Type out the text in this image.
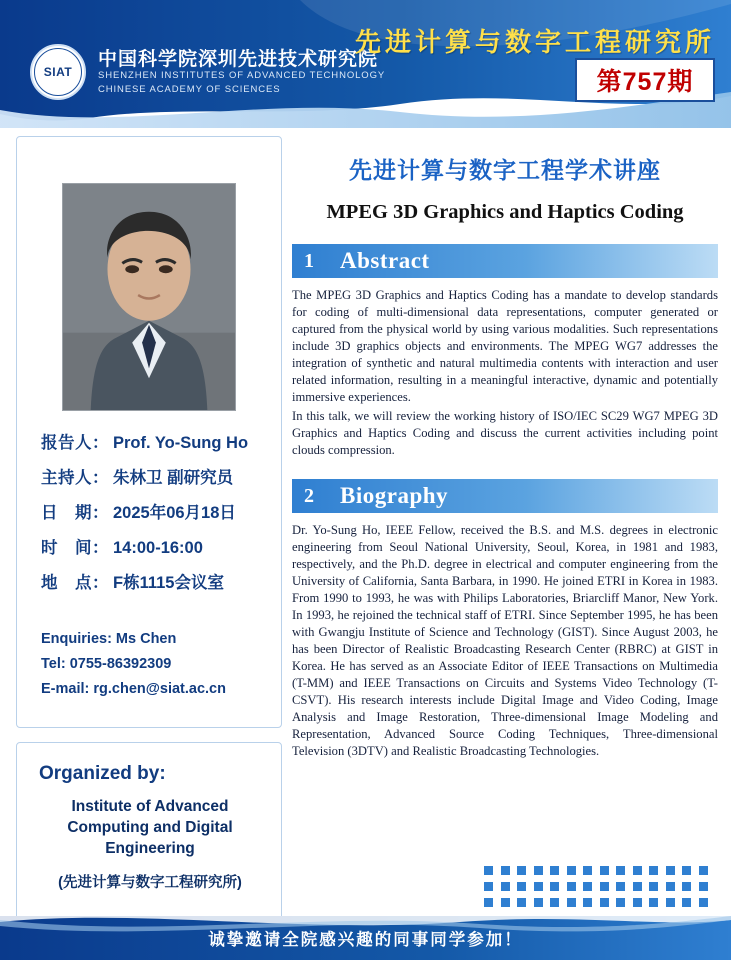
SIAT
中国科学院深圳先进技术研究院
SHENZHEN INSTITUTES OF ADVANCED TECHNOLOGY
CHINESE ACADEMY OF SCIENCES
先进计算与数字工程研究所
第757期
报告人： Prof. Yo-Sung Ho
主持人： 朱林卫 副研究员
日　期： 2025年06月18日
时　间： 14:00-16:00
地　点： F栋1115会议室
Enquiries: Ms Chen
Tel: 0755-86392309
E-mail: rg.chen@siat.ac.cn
Organized by:
Institute of Advanced Computing and Digital Engineering
(先进计算与数字工程研究所)
先进计算与数字工程学术讲座
MPEG 3D Graphics and Haptics Coding
1	Abstract

The MPEG 3D Graphics and Haptics Coding has a mandate to develop standards for coding of multi-dimensional data representations, computer generated or captured from the physical world by using various modalities. Such representations include 3D graphics objects and environments. The MPEG WG7 addresses the integration of synthetic and natural multimedia contents with interaction and user related information, resulting in a meaningful interactive, dynamic and potentially immersive experiences.

In this talk, we will review the working history of ISO/IEC SC29 WG7 MPEG 3D Graphics and Haptics Coding and discuss the current activities including point clouds compression.

2	Biography

Dr. Yo-Sung Ho, IEEE Fellow, received the B.S. and M.S. degrees in electronic engineering from Seoul National University, Seoul, Korea, in 1981 and 1983, respectively, and the Ph.D. degree in electrical and computer engineering from the University of California, Santa Barbara, in 1990. He joined ETRI in Korea in 1983. From 1990 to 1993, he was with Philips Laboratories, Briarcliff Manor, New York. In 1993, he rejoined the technical staff of ETRI. Since September 1995, he has been with Gwangju Institute of Science and Technology (GIST). Since August 2003, he has been Director of Realistic Broadcasting Research Center (RBRC) at GIST in Korea. He has served as an Associate Editor of IEEE Transactions on Multimedia (T-MM) and IEEE Transactions on Circuits and Systems Video Technology (T-CSVT). His research interests include Digital Image and Video Coding, Image Analysis and Image Restoration, Three-dimensional Image Modeling and Representation, Advanced Source Coding Techniques, Three-dimensional Television (3DTV) and Realistic Broadcasting Technologies.

诚挚邀请全院感兴趣的同事同学参加！
